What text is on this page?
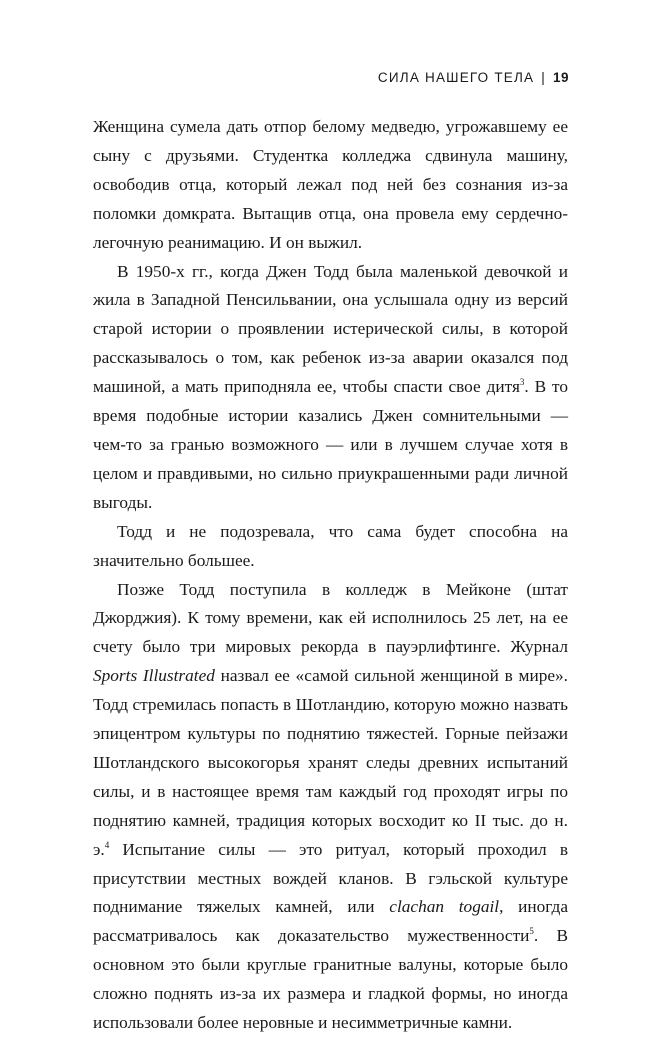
СИЛА НАШЕГО ТЕЛА | 19

Женщина сумела дать отпор белому медведю, угрожавшему ее сыну с друзьями. Студентка колледжа сдвинула машину, освободив отца, который лежал под ней без сознания из-за поломки домкрата. Вытащив отца, она провела ему сердечно-легочную реанимацию. И он выжил.

В 1950-х гг., когда Джен Тодд была маленькой девочкой и жила в Западной Пенсильвании, она услышала одну из версий старой истории о проявлении истерической силы, в которой рассказывалось о том, как ребенок из-за аварии оказался под машиной, а мать приподняла ее, чтобы спасти свое дитя$^3$. В то время подобные истории казались Джен сомнительными — чем-то за гранью возможного — или в лучшем случае хотя в целом и правдивыми, но сильно приукрашенными ради личной выгоды.

Тодд и не подозревала, что сама будет способна на значительно большее.

Позже Тодд поступила в колледж в Мейконе (штат Джорджия). К тому времени, как ей исполнилось 25 лет, на ее счету было три мировых рекорда в пауэрлифтинге. Журнал Sports Illustrated назвал ее «самой сильной женщиной в мире». Тодд стремилась попасть в Шотландию, которую можно назвать эпицентром культуры по поднятию тяжестей. Горные пейзажи Шотландского высокогорья хранят следы древних испытаний силы, и в настоящее время там каждый год проходят игры по поднятию камней, традиция которых восходит ко II тыс. до н. э.$^4$ Испытание силы — это ритуал, который проходил в присутствии местных вождей кланов. В гэльской культуре поднимание тяжелых камней, или clachan togail, иногда рассматривалось как доказательство мужественности$^5$. В основном это были круглые гранитные валуны, которые было сложно поднять из-за их размера и гладкой формы, но иногда использовали более неровные и несимметричные камни.
